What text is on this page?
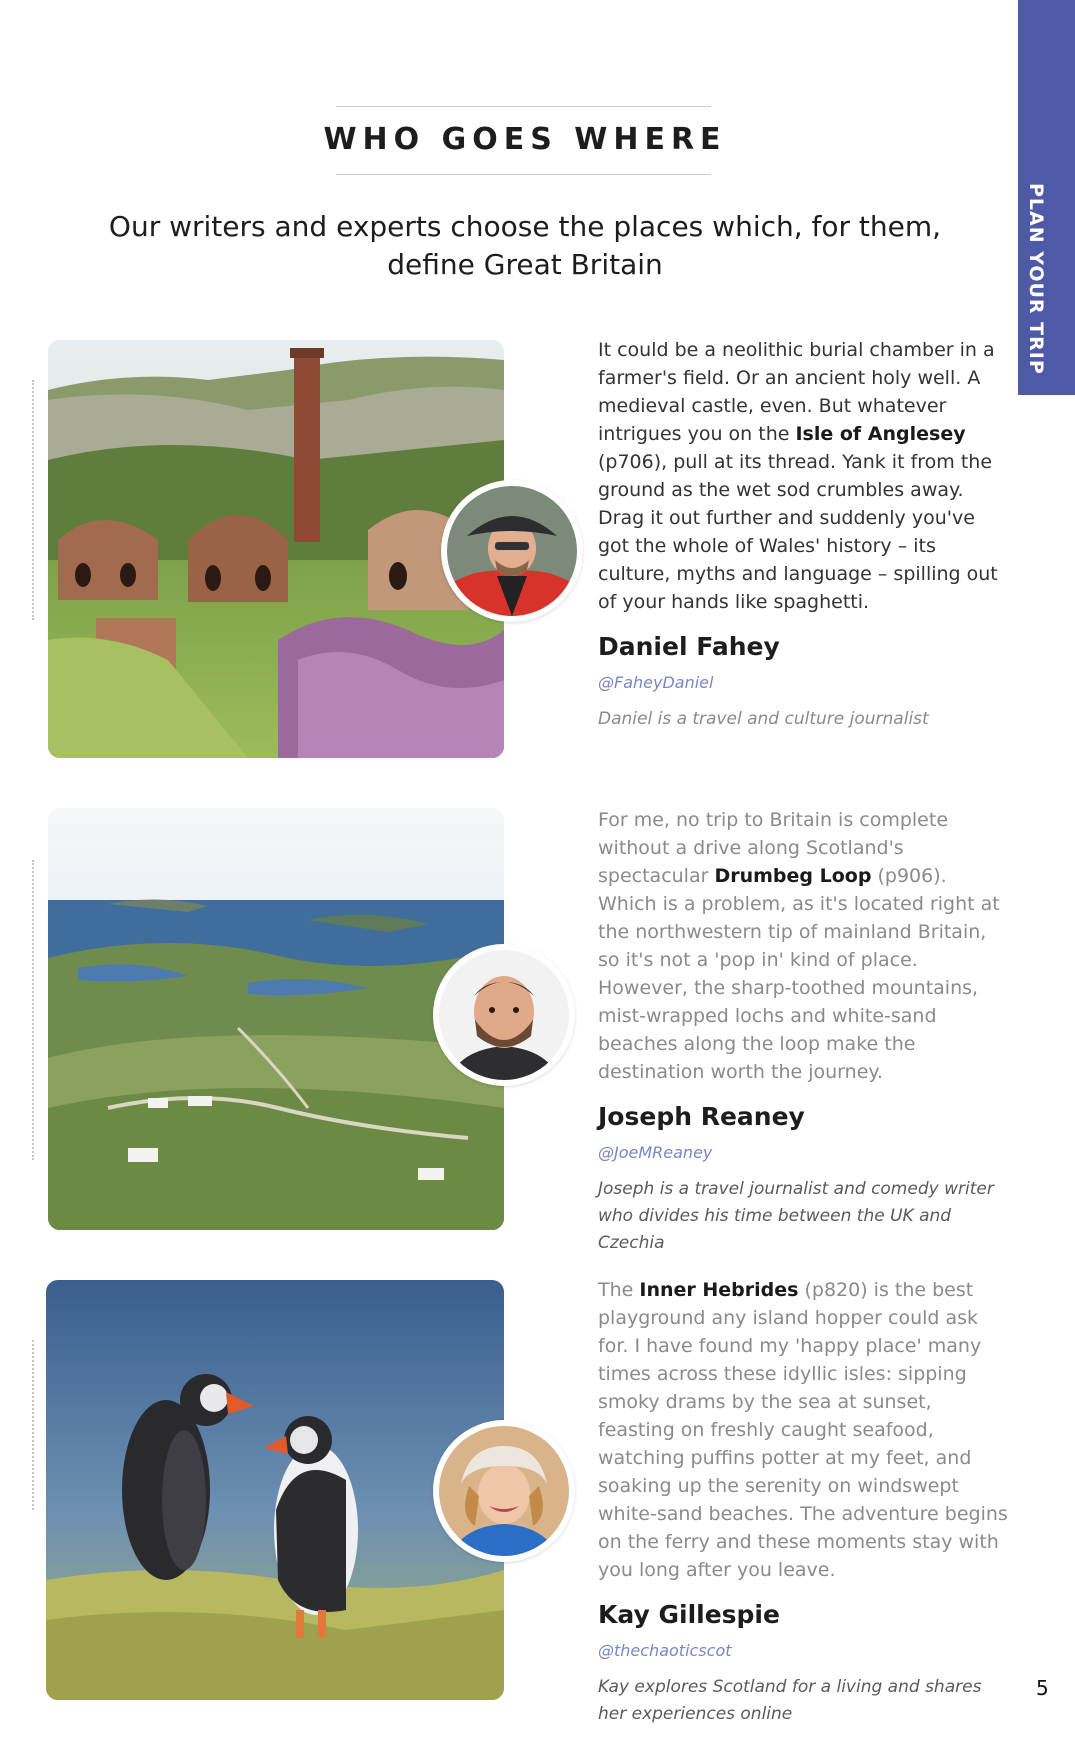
PLAN YOUR TRIP
WHO GOES WHERE
Our writers and experts choose the places which, for them,
define Great Britain

It could be a neolithic burial chamber in a farmer's field. Or an ancient holy well. A medieval castle, even. But whatever intrigues you on the Isle of Anglesey (p706), pull at its thread. Yank it from the ground as the wet sod crumbles away. Drag it out further and suddenly you've got the whole of Wales' history – its culture, myths and language – spilling out of your hands like spaghetti.

Daniel Fahey
@FaheyDaniel
Daniel is a travel and culture journalist

For me, no trip to Britain is complete without a drive along Scotland's spectacular Drumbeg Loop (p906). Which is a problem, as it's located right at the northwestern tip of mainland Britain, so it's not a 'pop in' kind of place. However, the sharp-toothed mountains, mist-wrapped lochs and white-sand beaches along the loop make the destination worth the journey.

Joseph Reaney
@JoeMReaney
Joseph is a travel journalist and comedy writer who divides his time between the UK and Czechia

The Inner Hebrides (p820) is the best playground any island hopper could ask for. I have found my 'happy place' many times across these idyllic isles: sipping smoky drams by the sea at sunset, feasting on freshly caught seafood, watching puffins potter at my feet, and soaking up the serenity on windswept white-sand beaches. The adventure begins on the ferry and these moments stay with you long after you leave.

Kay Gillespie
@thechaoticscot
Kay explores Scotland for a living and shares her experiences online
5
